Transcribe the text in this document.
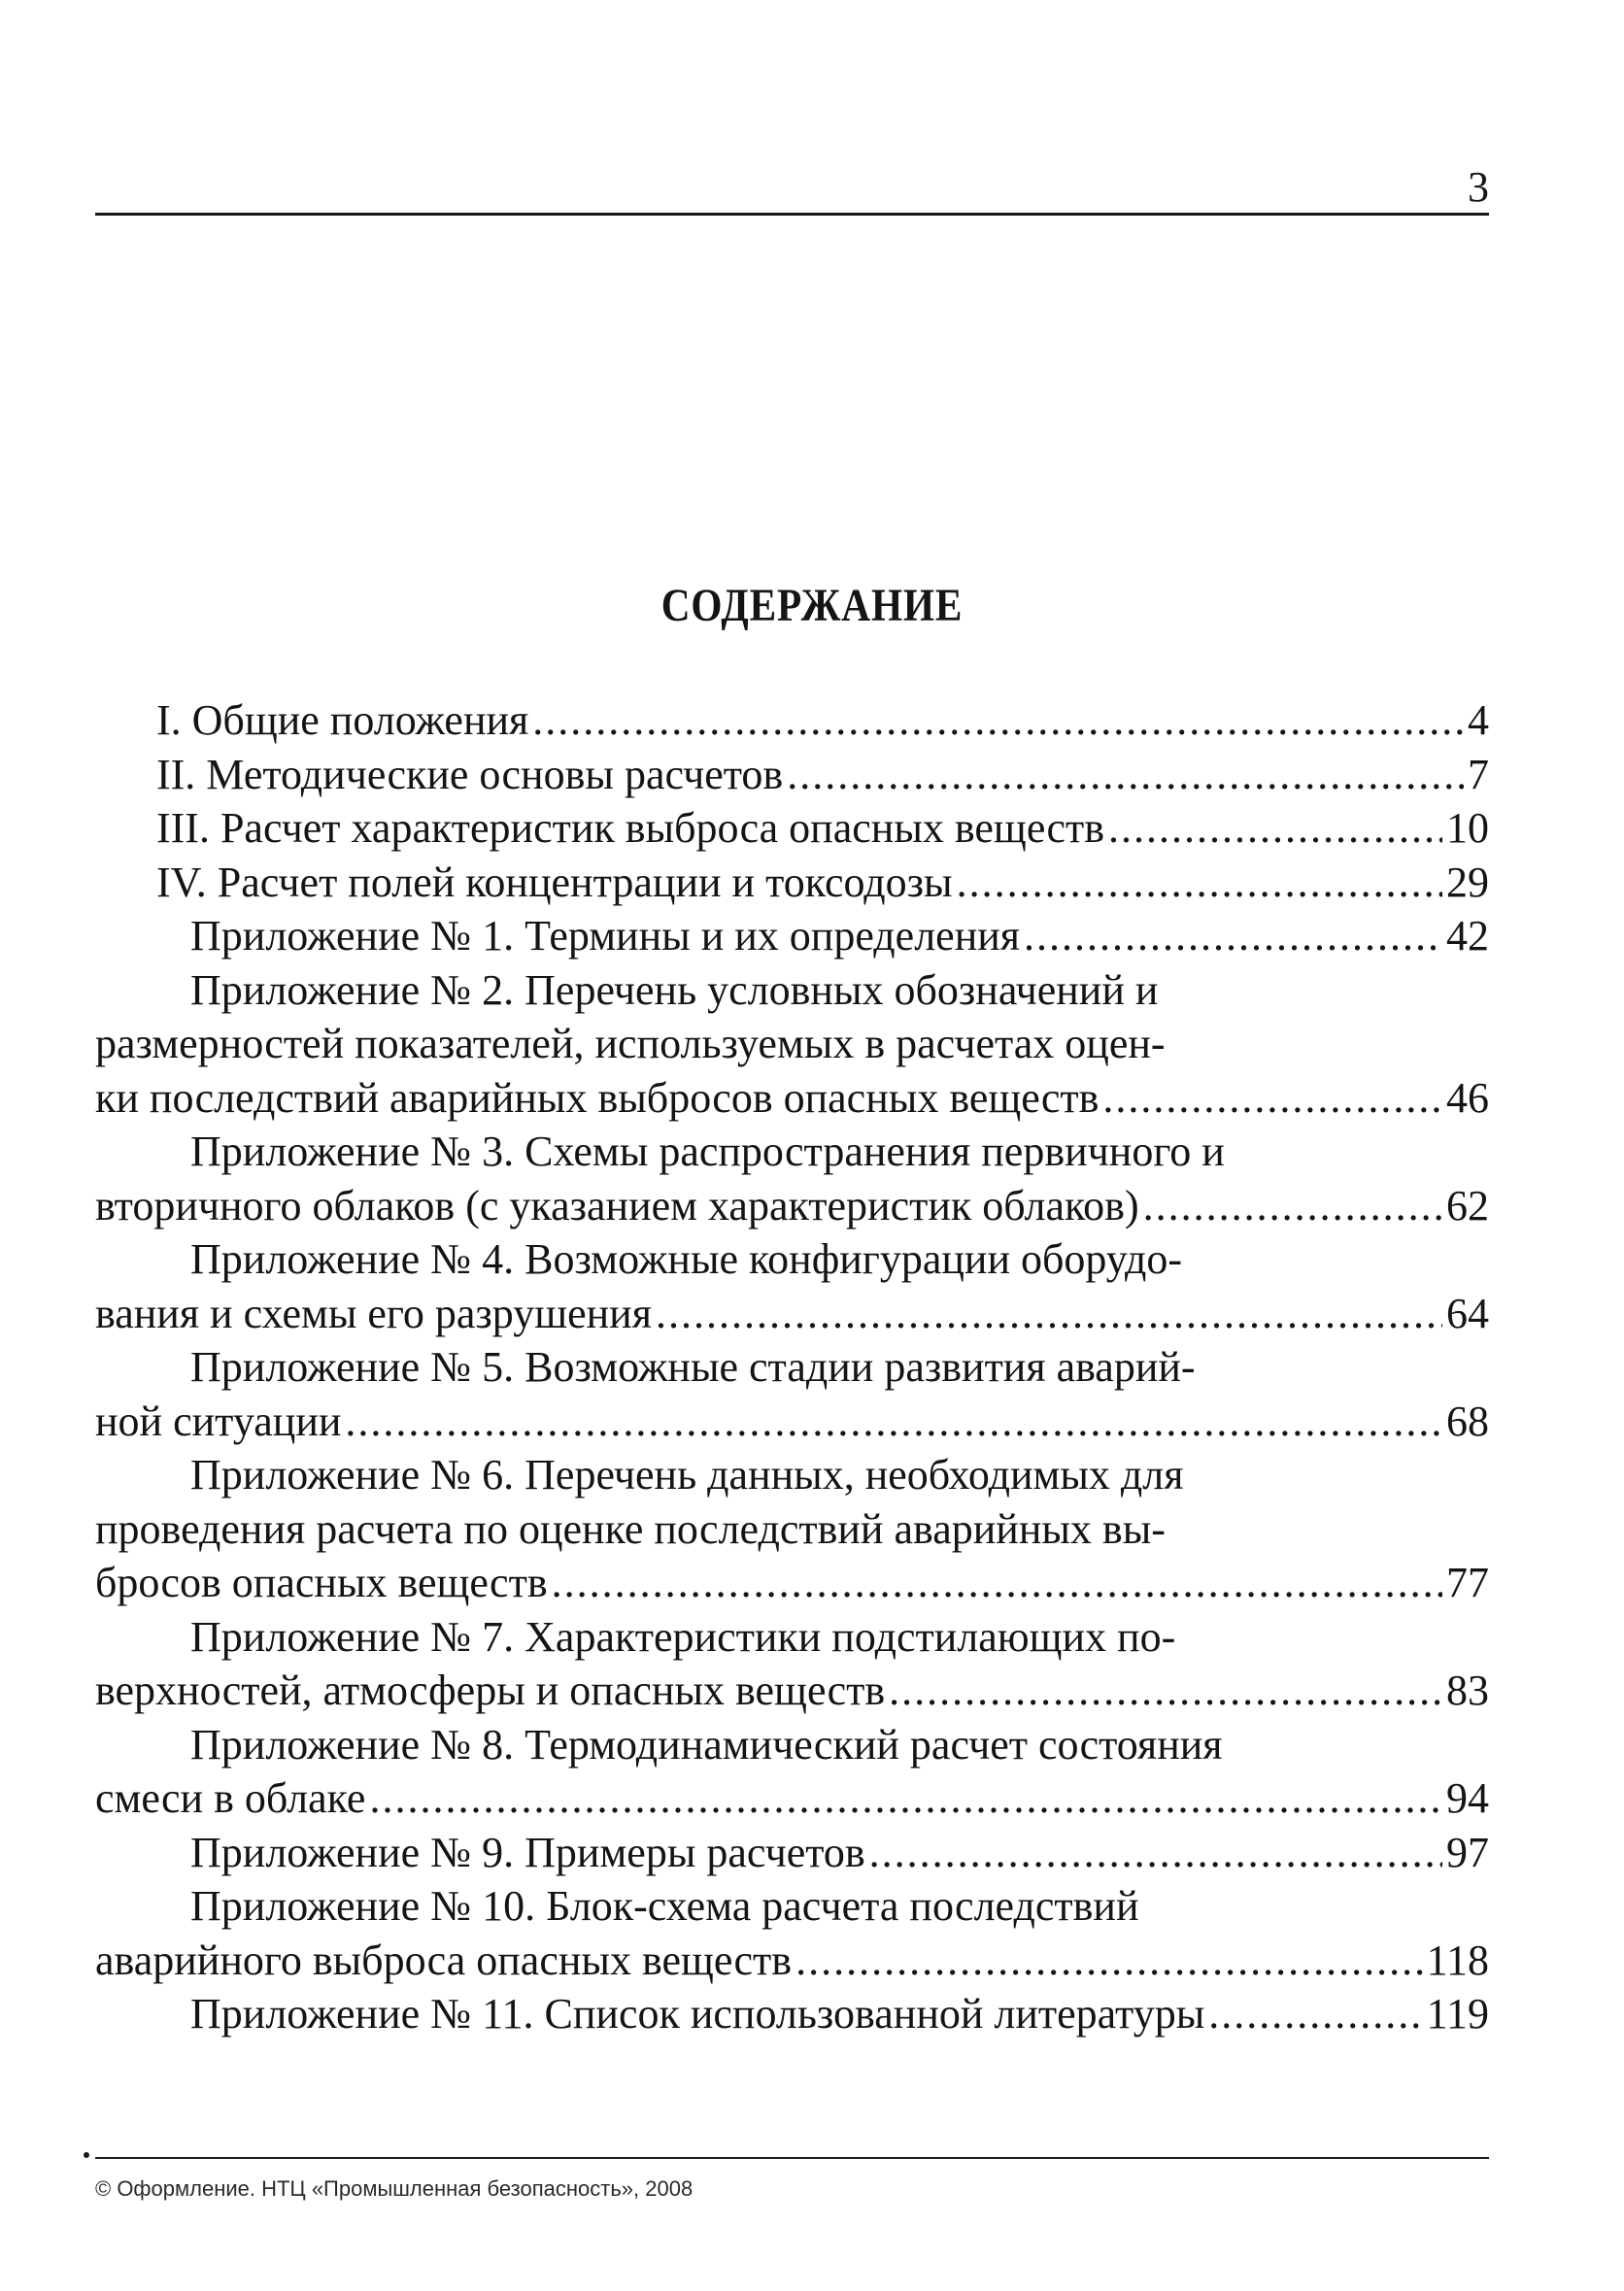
3
СОДЕРЖАНИЕ
I. Общие положения .....	4
II. Методические основы расчетов .....	7
III. Расчет характеристик выброса опасных веществ .....	10
IV. Расчет полей концентрации и токсодозы .....	29
Приложение № 1. Термины и их определения .....	42
Приложение № 2. Перечень условных обозначений и
размерностей показателей, используемых в расчетах оцен-
ки последствий аварийных выбросов опасных веществ .....	46
Приложение № 3. Схемы распространения первичного и
вторичного облаков (с указанием характеристик облаков) .....	62
Приложение № 4. Возможные конфигурации оборудо-
вания и схемы его разрушения .....	64
Приложение № 5. Возможные стадии развития аварий-
ной ситуации .....	68
Приложение № 6. Перечень данных, необходимых для
проведения расчета по оценке последствий аварийных вы-
бросов опасных веществ .....	77
Приложение № 7. Характеристики подстилающих по-
верхностей, атмосферы и опасных веществ .....	83
Приложение № 8. Термодинамический расчет состояния
смеси в облаке .....	94
Приложение № 9. Примеры расчетов .....	97
Приложение № 10. Блок-схема расчета последствий
аварийного выброса опасных веществ .....	118
Приложение № 11. Список использованной литературы .....	119
© Оформление. НТЦ «Промышленная безопасность», 2008
